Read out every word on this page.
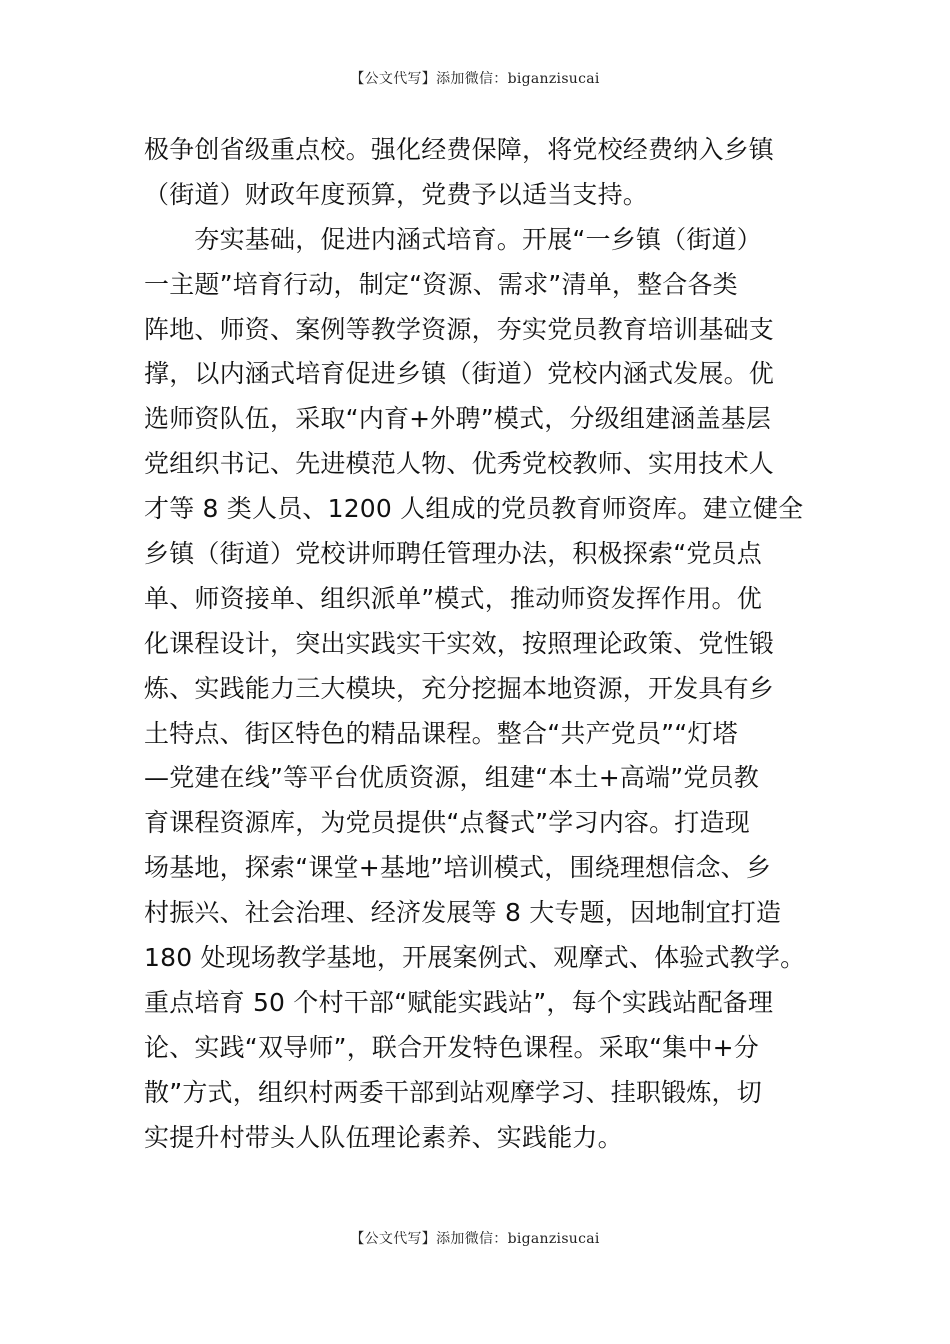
【公文代写】添加微信：biganzisucai
极争创省级重点校。强化经费保障，将党校经费纳入乡镇
（街道）财政年度预算，党费予以适当支持。
　　夯实基础，促进内涵式培育。开展“一乡镇（街道）
一主题”培育行动，制定“资源、需求”清单，整合各类
阵地、师资、案例等教学资源，夯实党员教育培训基础支
撑，以内涵式培育促进乡镇（街道）党校内涵式发展。优
选师资队伍，采取“内育+外聘”模式，分级组建涵盖基层
党组织书记、先进模范人物、优秀党校教师、实用技术人
才等 8 类人员、1200 人组成的党员教育师资库。建立健全
乡镇（街道）党校讲师聘任管理办法，积极探索“党员点
单、师资接单、组织派单”模式，推动师资发挥作用。优
化课程设计，突出实践实干实效，按照理论政策、党性锻
炼、实践能力三大模块，充分挖掘本地资源，开发具有乡
土特点、街区特色的精品课程。整合“共产党员”“灯塔
—党建在线”等平台优质资源，组建“本土+高端”党员教
育课程资源库，为党员提供“点餐式”学习内容。打造现
场基地，探索“课堂+基地”培训模式，围绕理想信念、乡
村振兴、社会治理、经济发展等 8 大专题，因地制宜打造
180 处现场教学基地，开展案例式、观摩式、体验式教学。
重点培育 50 个村干部“赋能实践站”，每个实践站配备理
论、实践“双导师”，联合开发特色课程。采取“集中+分
散”方式，组织村两委干部到站观摩学习、挂职锻炼，切
实提升村带头人队伍理论素养、实践能力。
【公文代写】添加微信：biganzisucai
